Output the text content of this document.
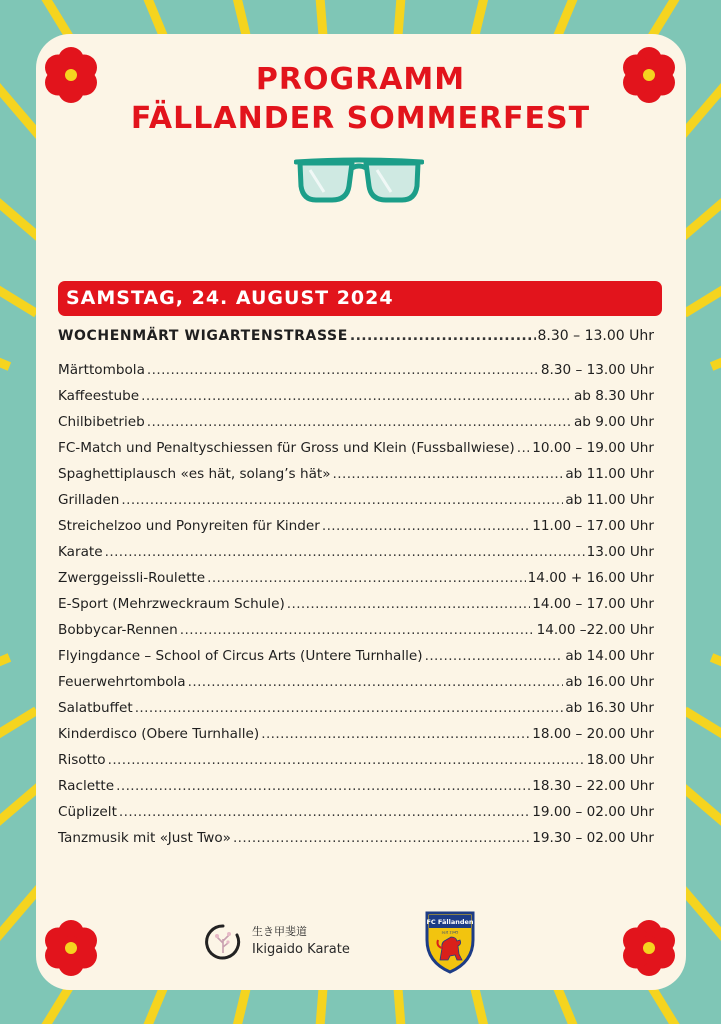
PROGRAMM
FÄLLANDER SOMMERFEST
SAMSTAG, 24. AUGUST 2024
WOCHENMÄRT WIGARTENSTRASSE .....	8.30 – 13.00 Uhr
Märttombola .....	8.30 – 13.00 Uhr
Kaffeestube .....	ab 8.30 Uhr
Chilbibetrieb .....	ab 9.00 Uhr
FC-Match und Penaltyschiessen für Gross und Klein (Fussballwiese) ..... 10.00 – 19.00 Uhr
Spaghettiplausch «es hät, solang’s hät» .....	ab 11.00 Uhr
Grilladen .....	ab 11.00 Uhr
Streichelzoo und Ponyreiten für Kinder .....	11.00 – 17.00 Uhr
Karate .....	13.00 Uhr
Zwerggeissli-Roulette .....	14.00 + 16.00 Uhr
E-Sport (Mehrzweckraum Schule) .....	14.00 – 17.00 Uhr
Bobbycar-Rennen .....	14.00 –22.00 Uhr
Flyingdance – School of Circus Arts (Untere Turnhalle) .....	ab 14.00 Uhr
Feuerwehrtombola .....	ab 16.00 Uhr
Salatbuffet .....	ab 16.30 Uhr
Kinderdisco (Obere Turnhalle) .....	18.00 – 20.00 Uhr
Risotto .....	18.00 Uhr
Raclette .....	18.30 – 22.00 Uhr
Cüplizelt .....	19.00 – 02.00 Uhr
Tanzmusik mit «Just Two» .....	19.30 – 02.00 Uhr
生き甲斐道
Ikigaido Karate
FC Fällanden
seit 1945
